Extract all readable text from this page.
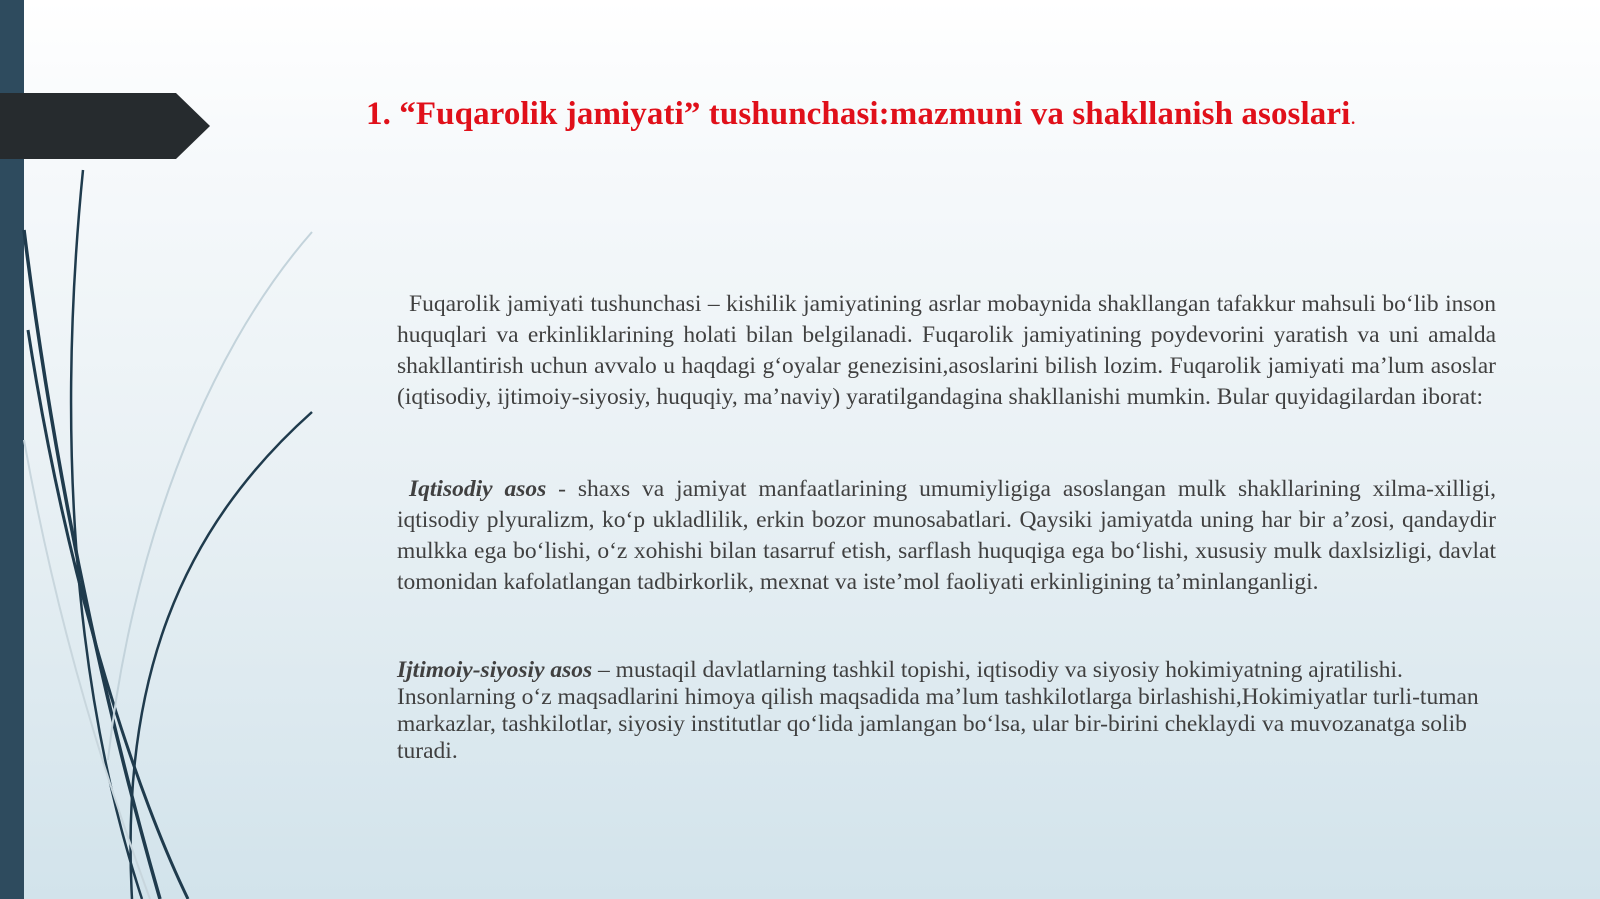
1. “Fuqarolik jamiyati” tushunchasi:mazmuni va shakllanish asoslari.

Fuqarolik jamiyati tushunchasi – kishilik jamiyatining asrlar mobaynida shakllangan tafakkur mahsuli bo‘lib inson huquqlari va erkinliklarining holati bilan belgilanadi. Fuqarolik jamiyatining poydevorini yaratish va uni amalda shakllantirish uchun avvalo u haqdagi g‘oyalar genezisini,asoslarini bilish lozim. Fuqarolik jamiyati ma’lum asoslar (iqtisodiy, ijtimoiy-siyosiy, huquqiy, ma’naviy) yaratilgandagina shakllanishi mumkin. Bular quyidagilardan iborat:

Iqtisodiy asos - shaxs va jamiyat manfaatlarining umumiyligiga asoslangan mulk shakllarining xilma-xilligi, iqtisodiy plyuralizm, ko‘p ukladlilik, erkin bozor munosabatlari. Qaysiki jamiyatda uning har bir a’zosi, qandaydir mulkka ega bo‘lishi, o‘z xohishi bilan tasarruf etish, sarflash huquqiga ega bo‘lishi, xususiy mulk daxlsizligi, davlat tomonidan kafolatlangan tadbirkorlik, mexnat va iste’mol faoliyati erkinligining ta’minlanganligi.

Ijtimoiy-siyosiy asos – mustaqil davlatlarning tashkil topishi, iqtisodiy va siyosiy hokimiyatning ajratilishi. Insonlarning o‘z maqsadlarini himoya qilish maqsadida ma’lum tashkilotlarga birlashishi,Hokimiyatlar turli-tuman markazlar, tashkilotlar, siyosiy institutlar qo‘lida jamlangan bo‘lsa, ular bir-birini cheklaydi va muvozanatga solib turadi.
